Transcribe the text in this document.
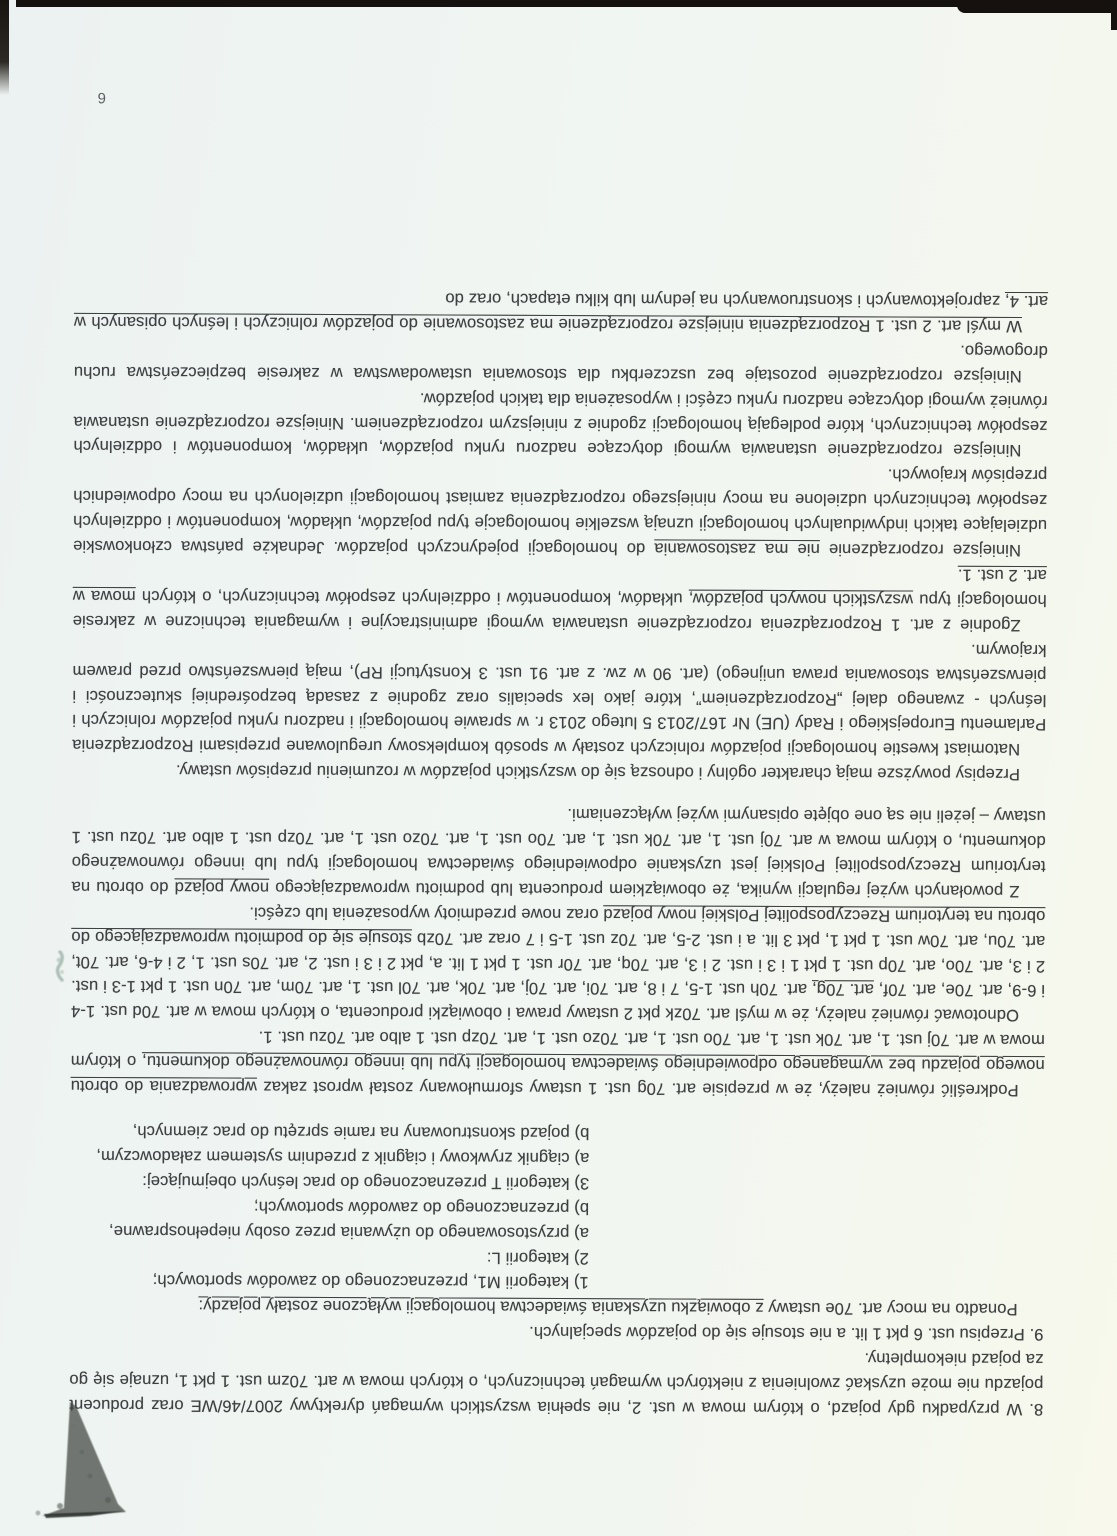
8. W przypadku gdy pojazd, o którym mowa w ust. 2, nie spełnia wszystkich wymagań dyrektywy 2007/46/WE oraz producent pojazdu nie może uzyskać zwolnienia z niektórych wymagań technicznych, o których mowa w art. 70zm ust. 1 pkt 1, uznaje się go za pojazd niekompletny.

9. Przepisu ust. 6 pkt 1 lit. a nie stosuje się do pojazdów specjalnych.

Ponadto na mocy art. 70e ustawy z obowiązku uzyskania świadectwa homologacji wyłączone zostały pojazdy:

1) kategorii M1, przeznaczonego do zawodów sportowych;
2) kategorii L:
a) przystosowanego do używania przez osoby niepełnosprawne,
b) przeznaczonego do zawodów sportowych;
3) kategorii T przeznaczonego do prac leśnych obejmującej:
a) ciągnik zrywkowy i ciągnik z przednim systemem załadowczym,
b) pojazd skonstruowany na ramie sprzętu do prac ziemnych,

Podkreślić również należy, że w przepisie art. 70g ust. 1 ustawy sformułowany został wprost zakaz wprowadzania do obrotu nowego pojazdu bez wymaganego odpowiedniego świadectwa homologacji typu lub innego równoważnego dokumentu, o którym mowa w art. 70j ust. 1, art. 70k ust. 1, art. 70o ust. 1, art. 70zo ust. 1, art. 70zp ust. 1 albo art. 70zu ust. 1.

Odnotować również należy, że w myśl art. 70zk pkt 2 ustawy prawa i obowiązki producenta, o których mowa w art. 70d ust. 1-4 i 6-9, art. 70e, art. 70f, art. 70g, art. 70h ust. 1-5, 7 i 8, art. 70i, art. 70j, art. 70k, art. 70l ust. 1, art. 70m, art. 70n ust. 1 pkt 1-3 i ust. 2 i 3, art. 70o, art. 70p ust. 1 pkt 1 i 3 i ust. 2 i 3, art. 70q, art. 70r ust. 1 pkt 1 lit. a, pkt 2 i 3 i ust. 2, art. 70s ust. 1, 2 i 4-6, art. 70t, art. 70u, art. 70w ust. 1 pkt 1, pkt 3 lit. a i ust. 2-5, art. 70z ust. 1-5 i 7 oraz art. 70zb stosuje się do podmiotu wprowadzającego do obrotu na terytorium Rzeczypospolitej Polskiej nowy pojazd oraz nowe przedmioty wyposażenia lub części.

Z powołanych wyżej regulacji wynika, że obowiązkiem producenta lub podmiotu wprowadzającego nowy pojazd do obrotu na terytorium Rzeczypospolitej Polskiej jest uzyskanie odpowiedniego świadectwa homologacji typu lub innego równoważnego dokumentu, o którym mowa w art. 70j ust. 1, art. 70k ust. 1, art. 70o ust. 1, art. 70zo ust. 1, art. 70zp ust. 1 albo art. 70zu ust. 1 ustawy – jeżeli nie są one objęte opisanymi wyżej wyłączeniami.

Przepisy powyższe mają charakter ogólny i odnoszą się do wszystkich pojazdów w rozumieniu przepisów ustawy.

Natomiast kwestie homologacji pojazdów rolniczych zostały w sposób kompleksowy uregulowane przepisami Rozporządzenia Parlamentu Europejskiego i Rady (UE) Nr 167/2013 5 lutego 2013 r. w sprawie homologacji i nadzoru rynku pojazdów rolniczych i leśnych - zwanego dalej „Rozporządzeniem”, które jako lex specialis oraz zgodnie z zasadą bezpośredniej skuteczności i pierwszeństwa stosowania prawa unijnego) (art. 90 w zw. z art. 91 ust. 3 Konstytucji RP), mają pierwszeństwo przed prawem krajowym.

Zgodnie z art. 1 Rozporządzenia rozporządzenie ustanawia wymogi administracyjne i wymagania techniczne w zakresie homologacji typu wszystkich nowych pojazdów, układów, komponentów i oddzielnych zespołów technicznych, o których mowa w art. 2 ust. 1.

Niniejsze rozporządzenie nie ma zastosowania do homologacji pojedynczych pojazdów. Jednakże państwa członkowskie udzielające takich indywidualnych homologacji uznają wszelkie homologacje typu pojazdów, układów, komponentów i oddzielnych zespołów technicznych udzielone na mocy niniejszego rozporządzenia zamiast homologacji udzielonych na mocy odpowiednich przepisów krajowych.

Niniejsze rozporządzenie ustanawia wymogi dotyczące nadzoru rynku pojazdów, układów, komponentów i oddzielnych zespołów technicznych, które podlegają homologacji zgodnie z niniejszym rozporządzeniem. Niniejsze rozporządzenie ustanawia również wymogi dotyczące nadzoru rynku części i wyposażenia dla takich pojazdów.

Niniejsze rozporządzenie pozostaje bez uszczerbku dla stosowania ustawodawstwa w zakresie bezpieczeństwa ruchu drogowego.

W myśl art. 2 ust. 1 Rozporządzenia niniejsze rozporządzenie ma zastosowanie do pojazdów rolniczych i leśnych opisanych w art. 4, zaprojektowanych i skonstruowanych na jednym lub kilku etapach, oraz do

6
